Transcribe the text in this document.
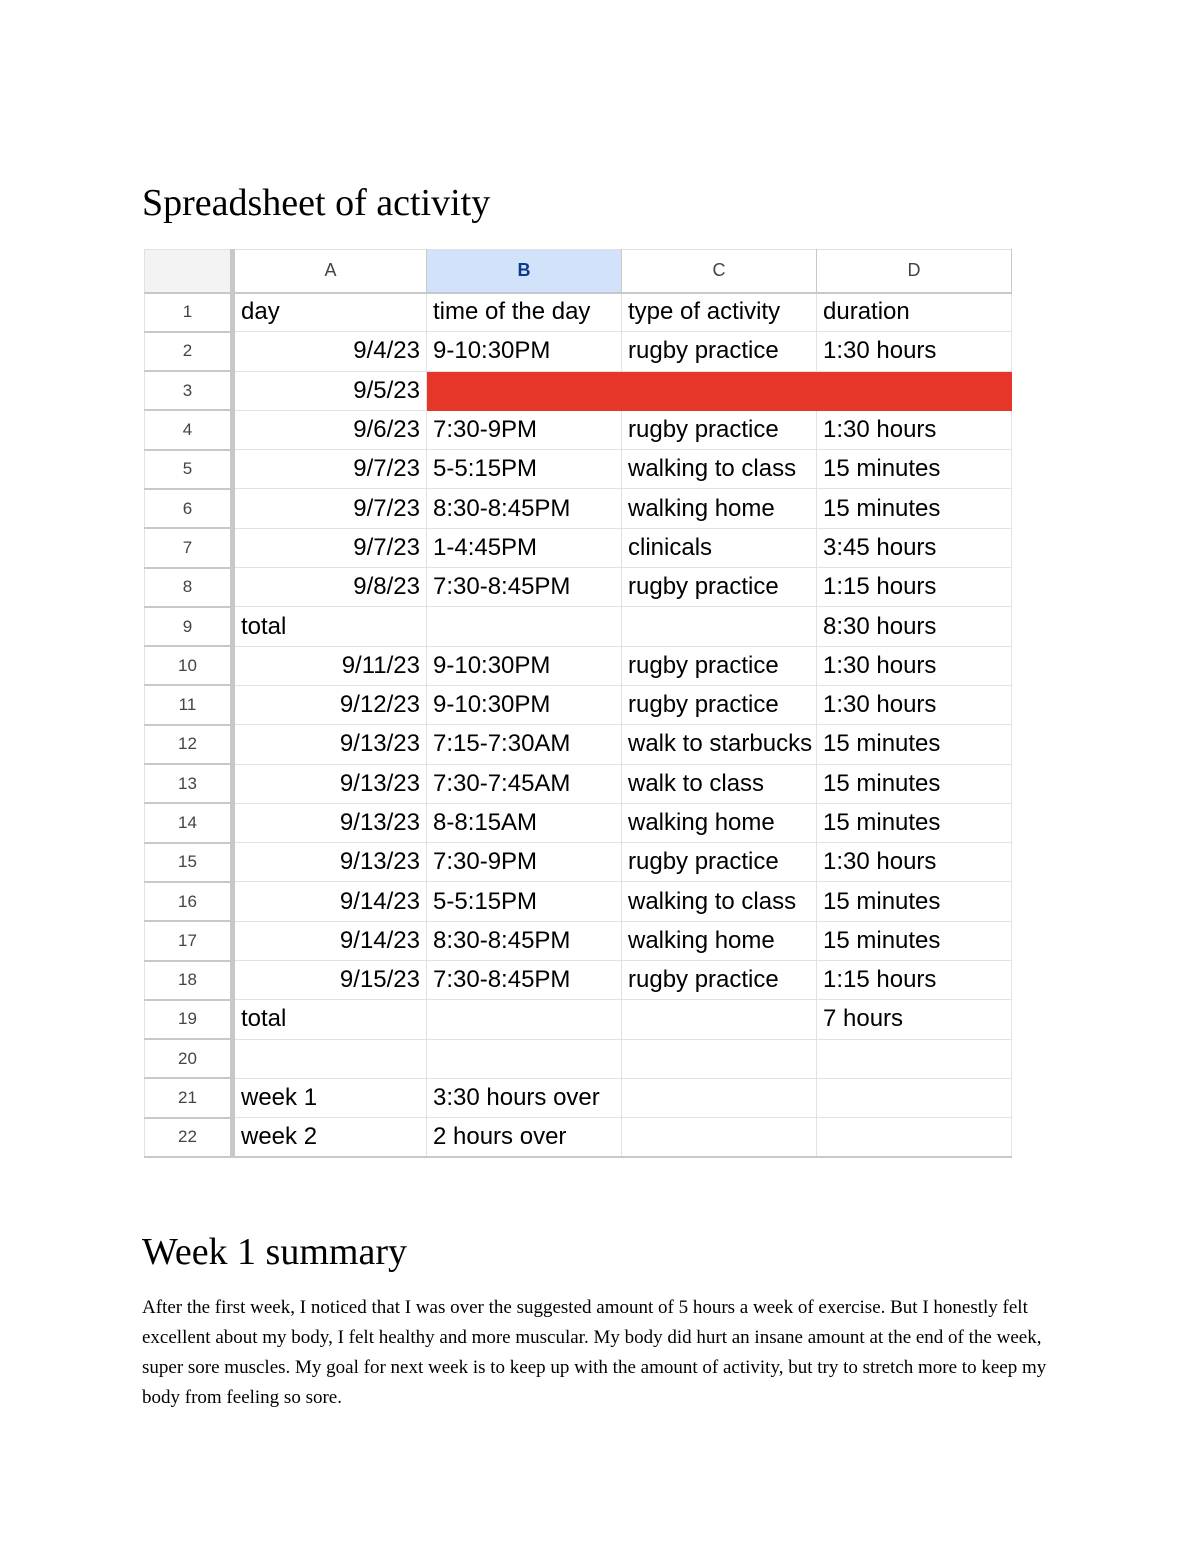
Spreadsheet of activity
	A	B	C	D
1	day	time of the day	type of activity	duration
2	9/4/23	9-10:30PM	rugby practice	1:30 hours
3	9/5/23			
4	9/6/23	7:30-9PM	rugby practice	1:30 hours
5	9/7/23	5-5:15PM	walking to class	15 minutes
6	9/7/23	8:30-8:45PM	walking home	15 minutes
7	9/7/23	1-4:45PM	clinicals	3:45 hours
8	9/8/23	7:30-8:45PM	rugby practice	1:15 hours
9	total			8:30 hours
10	9/11/23	9-10:30PM	rugby practice	1:30 hours
11	9/12/23	9-10:30PM	rugby practice	1:30 hours
12	9/13/23	7:15-7:30AM	walk to starbucks	15 minutes
13	9/13/23	7:30-7:45AM	walk to class	15 minutes
14	9/13/23	8-8:15AM	walking home	15 minutes
15	9/13/23	7:30-9PM	rugby practice	1:30 hours
16	9/14/23	5-5:15PM	walking to class	15 minutes
17	9/14/23	8:30-8:45PM	walking home	15 minutes
18	9/15/23	7:30-8:45PM	rugby practice	1:15 hours
19	total			7 hours
20				
21	week 1	3:30 hours over		
22	week 2	2 hours over		
Week 1 summary

After the first week, I noticed that I was over the suggested amount of 5 hours a week of exercise. But I honestly felt excellent about my body, I felt healthy and more muscular. My body did hurt an insane amount at the end of the week, super sore muscles. My goal for next week is to keep up with the amount of activity, but try to stretch more to keep my body from feeling so sore.
